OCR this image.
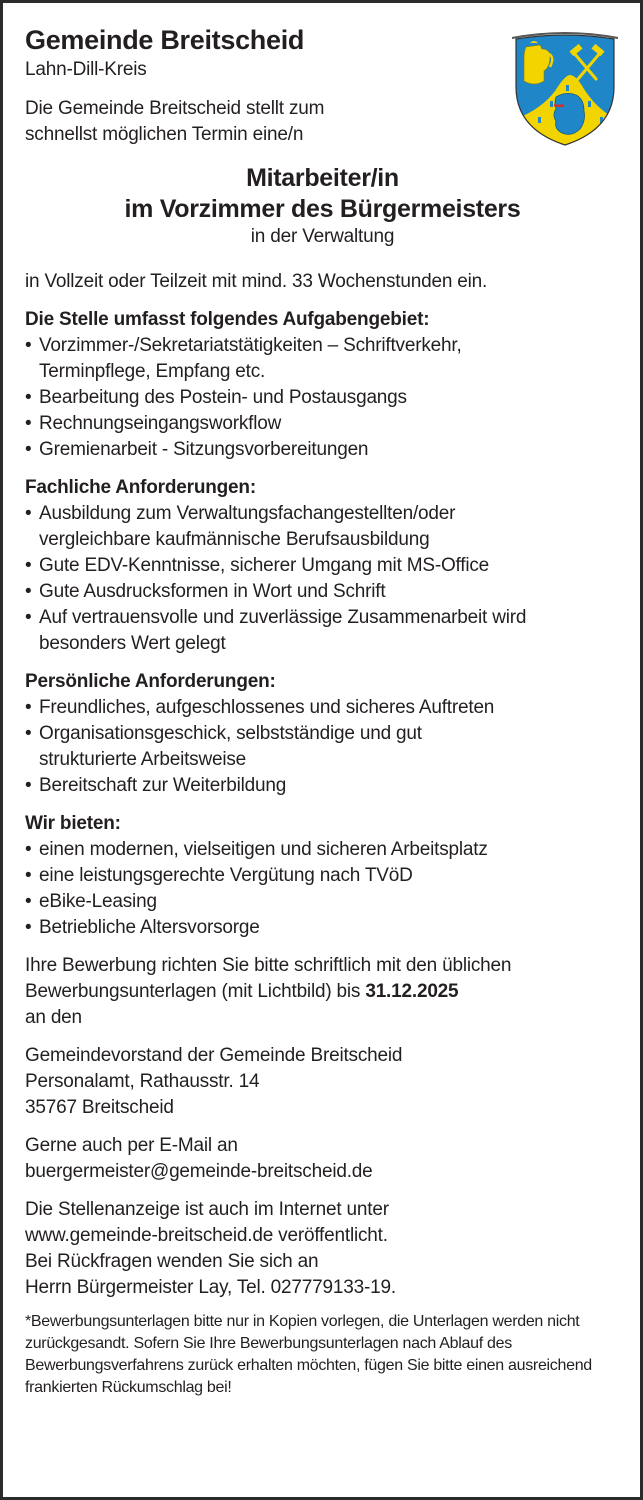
Gemeinde Breitscheid
Lahn-Dill-Kreis
Die Gemeinde Breitscheid stellt zum
schnellst möglichen Termin eine/n
Mitarbeiter/in
im Vorzimmer des Bürgermeisters
in der Verwaltung
in Vollzeit oder Teilzeit mit mind. 33 Wochenstunden ein.
Die Stelle umfasst folgendes Aufgabengebiet:
• Vorzimmer-/Sekretariatstätigkeiten – Schriftverkehr, Terminpflege, Empfang etc.
• Bearbeitung des Postein- und Postausgangs
• Rechnungseingangsworkflow
• Gremienarbeit - Sitzungsvorbereitungen
Fachliche Anforderungen:
• Ausbildung zum Verwaltungsfachangestellten/oder vergleichbare kaufmännische Berufsausbildung
• Gute EDV-Kenntnisse, sicherer Umgang mit MS-Office
• Gute Ausdrucksformen in Wort und Schrift
• Auf vertrauensvolle und zuverlässige Zusammenarbeit wird besonders Wert gelegt
Persönliche Anforderungen:
• Freundliches, aufgeschlossenes und sicheres Auftreten
• Organisationsgeschick, selbstständige und gut strukturierte Arbeitsweise
• Bereitschaft zur Weiterbildung
Wir bieten:
• einen modernen, vielseitigen und sicheren Arbeitsplatz
• eine leistungsgerechte Vergütung nach TVöD
• eBike-Leasing
• Betriebliche Altersvorsorge
Ihre Bewerbung richten Sie bitte schriftlich mit den üblichen
Bewerbungsunterlagen (mit Lichtbild) bis 31.12.2025
an den
Gemeindevorstand der Gemeinde Breitscheid
Personalamt, Rathausstr. 14
35767 Breitscheid
Gerne auch per E-Mail an
buergermeister@gemeinde-breitscheid.de
Die Stellenanzeige ist auch im Internet unter
www.gemeinde-breitscheid.de veröffentlicht.
Bei Rückfragen wenden Sie sich an
Herrn Bürgermeister Lay, Tel. 027779133-19.
*Bewerbungsunterlagen bitte nur in Kopien vorlegen, die Unterlagen werden nicht zurückgesandt. Sofern Sie Ihre Bewerbungsunterlagen nach Ablauf des Bewerbungsverfahrens zurück erhalten möchten, fügen Sie bitte einen ausreichend frankierten Rückumschlag bei!
